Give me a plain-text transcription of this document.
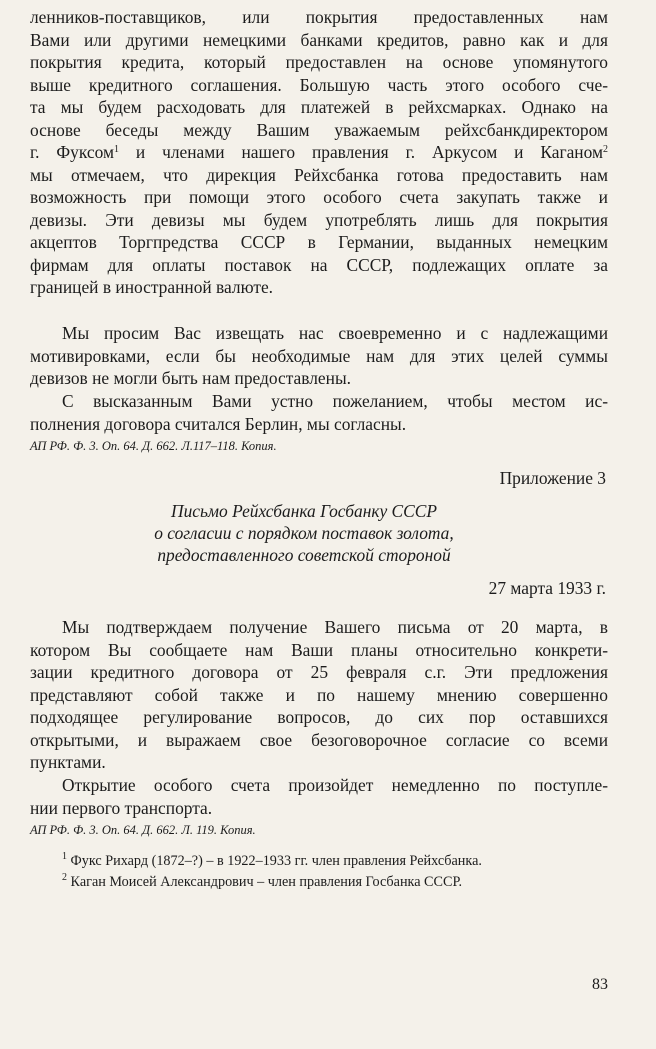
ленников-поставщиков, или покрытия предоставленных нам
Вами или другими немецкими банками кредитов, равно как и для
покрытия кредита, который предоставлен на основе упомянутого
выше кредитного соглашения. Большую часть этого особого сче-
та мы будем расходовать для платежей в рейхсмарках. Однако на
основе беседы между Вашим уважаемым рейхсбанкдиректором
г. Фуксом$^1$ и членами нашего правления г. Аркусом и Каганом$^2$
мы отмечаем, что дирекция Рейхсбанка готова предоставить нам
возможность при помощи этого особого счета закупать также и
девизы. Эти девизы мы будем употреблять лишь для покрытия
акцептов Торгпредства СССР в Германии, выданных немецким
фирмам для оплаты поставок на СССР, подлежащих оплате за
границей в иностранной валюте.
Мы просим Вас извещать нас своевременно и с надлежащими
мотивировками, если бы необходимые нам для этих целей суммы
девизов не могли быть нам предоставлены.
С высказанным Вами устно пожеланием, чтобы местом ис-
полнения договора считался Берлин, мы согласны.
АП РФ. Ф. 3. Оп. 64. Д. 662. Л.117–118. Копия.
Приложение 3
Письмо Рейхсбанка Госбанку СССР
о согласии с порядком поставок золота,
предоставленного советской стороной
27 марта 1933 г.
Мы подтверждаем получение Вашего письма от 20 марта, в
котором Вы сообщаете нам Ваши планы относительно конкрети-
зации кредитного договора от 25 февраля с.г. Эти предложения
представляют собой также и по нашему мнению совершенно
подходящее регулирование вопросов, до сих пор оставшихся
открытыми, и выражаем свое безоговорочное согласие со всеми
пунктами.
Открытие особого счета произойдет немедленно по поступле-
нии первого транспорта.
АП РФ. Ф. 3. Оп. 64. Д. 662. Л. 119. Копия.
$^1$ Фукс Рихард (1872–?) – в 1922–1933 гг. член правления Рейхсбанка.
$^2$ Каган Моисей Александрович – член правления Госбанка СССР.
83
